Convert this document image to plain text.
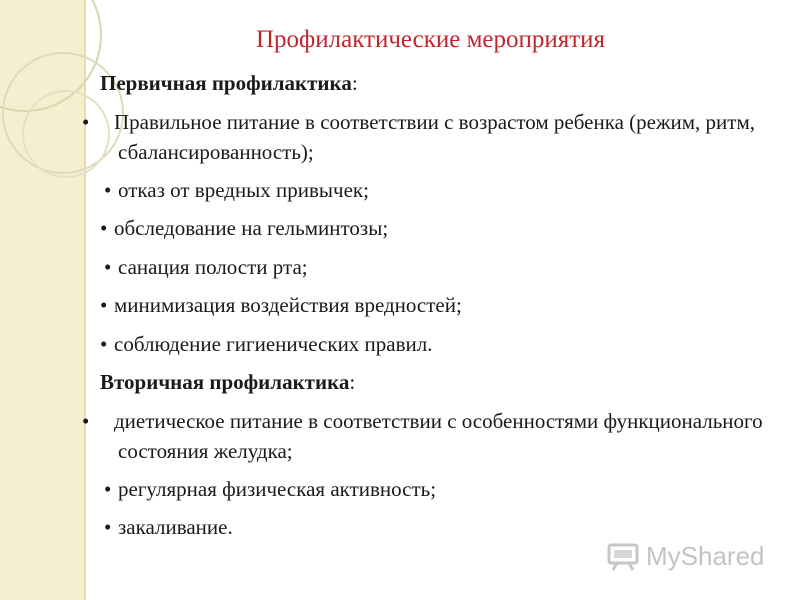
Профилактические мероприятия
Первичная профилактика:
• Правильное питание в соответствии с возрастом ребенка (режим, ритм, сбалансированность);
• отказ от вредных привычек;
• обследование на гельминтозы;
• санация полости рта;
• минимизация воздействия вредностей;
• соблюдение гигиенических правил.
Вторичная профилактика:
• диетическое питание в соответствии с особенностями функционального состояния желудка;
• регулярная физическая активность;
• закаливание.
MyShared
